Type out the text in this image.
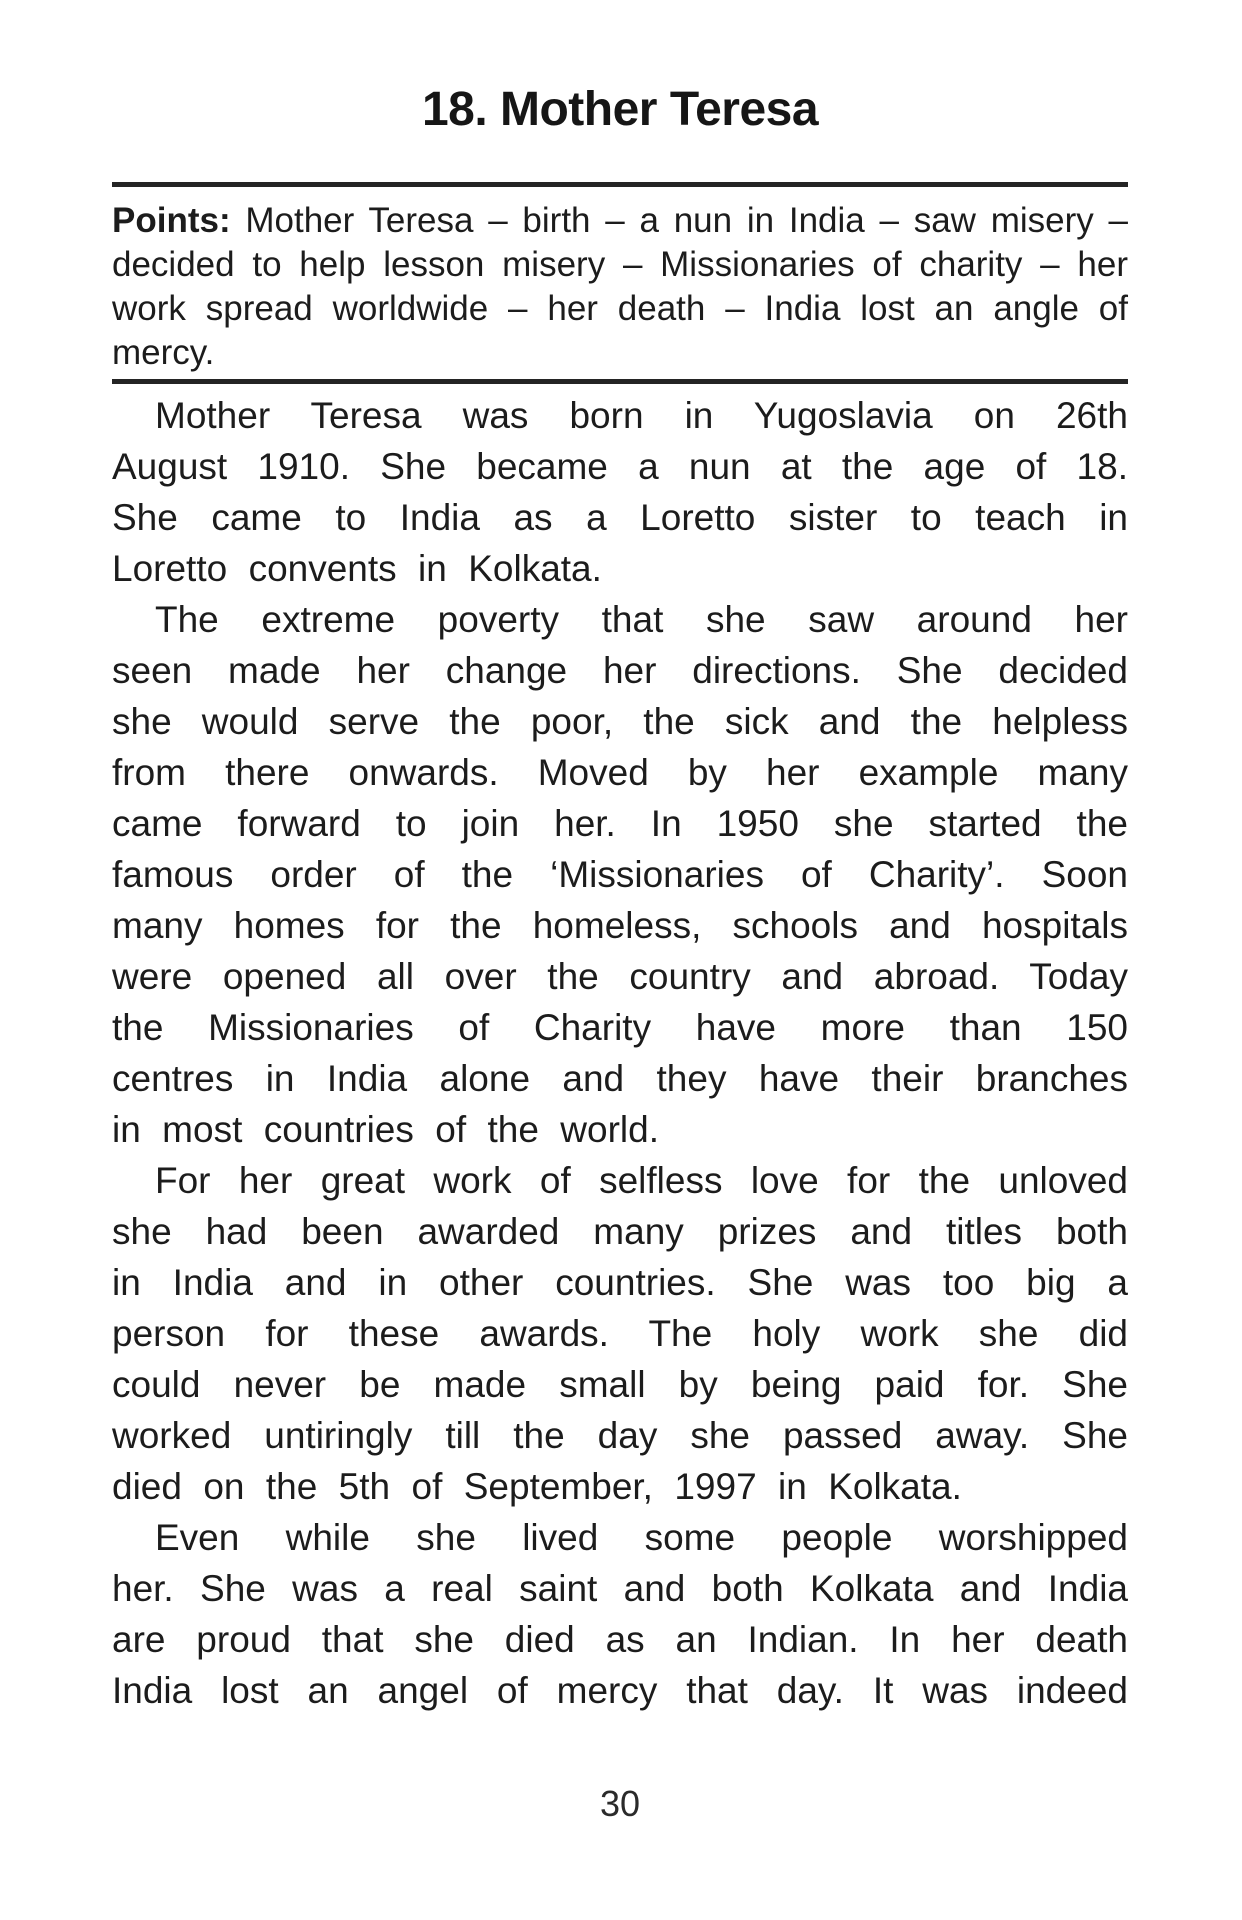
18. Mother Teresa
Points: Mother Teresa – birth – a nun in India – saw misery –
decided to help lesson misery – Missionaries of charity – her
work spread worldwide – her death – India lost an angle of
mercy.
Mother Teresa was born in Yugoslavia on 26th
August 1910. She became a nun at the age of 18.
She came to India as a Loretto sister to teach in
Loretto convents in Kolkata.
The extreme poverty that she saw around her
seen made her change her directions. She decided
she would serve the poor, the sick and the helpless
from there onwards. Moved by her example many
came forward to join her. In 1950 she started the
famous order of the ‘Missionaries of Charity’. Soon
many homes for the homeless, schools and hospitals
were opened all over the country and abroad. Today
the Missionaries of Charity have more than 150
centres in India alone and they have their branches
in most countries of the world.
For her great work of selfless love for the unloved
she had been awarded many prizes and titles both
in India and in other countries. She was too big a
person for these awards. The holy work she did
could never be made small by being paid for. She
worked untiringly till the day she passed away. She
died on the 5th of September, 1997 in Kolkata.
Even while she lived some people worshipped
her. She was a real saint and both Kolkata and India
are proud that she died as an Indian. In her death
India lost an angel of mercy that day. It was indeed
30
